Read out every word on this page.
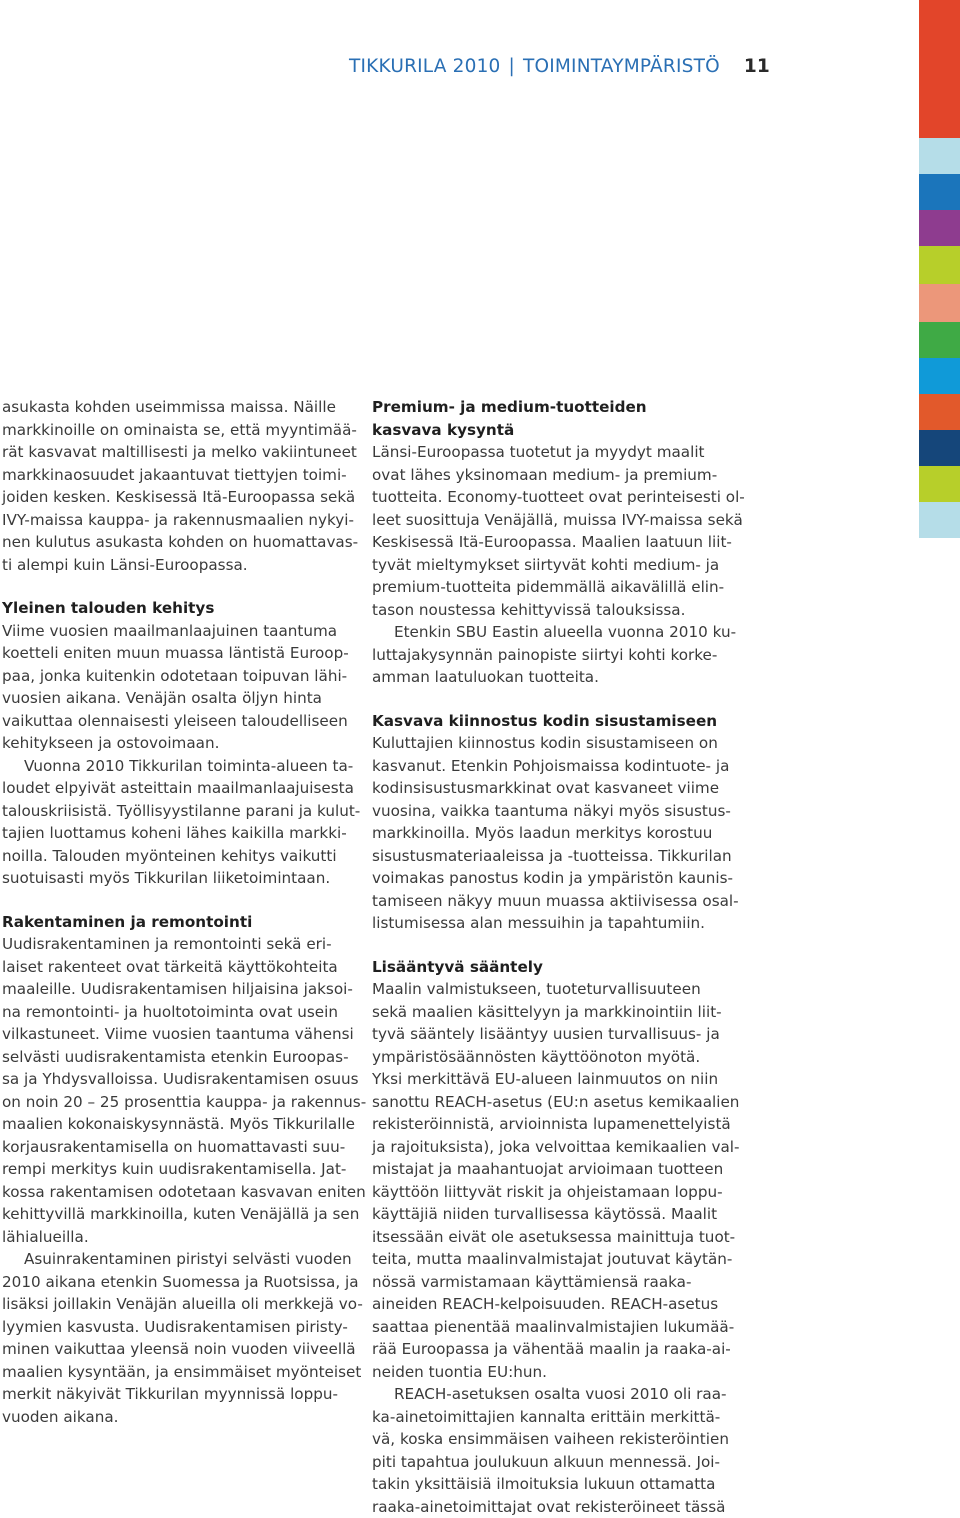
TIKKURILA 2010 | TOIMINTAYMPÄRISTÖ 11
asukasta kohden useimmissa maissa. Näille
markkinoille on ominaista se, että myyntimää-
rät kasvavat maltillisesti ja melko vakiintuneet
markkinaosuudet jakaantuvat tiettyjen toimi-
joiden kesken. Keskisessä Itä-Euroopassa sekä
IVY-maissa kauppa- ja rakennusmaalien nykyi-
nen kulutus asukasta kohden on huomattavas-
ti alempi kuin Länsi-Euroopassa.
Yleinen talouden kehitys
Viime vuosien maailmanlaajuinen taantuma
koetteli eniten muun muassa läntistä Euroop-
paa, jonka kuitenkin odotetaan toipuvan lähi-
vuosien aikana. Venäjän osalta öljyn hinta
vaikuttaa olennaisesti yleiseen taloudelliseen
kehitykseen ja ostovoimaan.
Vuonna 2010 Tikkurilan toiminta-alueen ta-
loudet elpyivät asteittain maailmanlaajuisesta
talouskriisistä. Työllisyystilanne parani ja kulut-
tajien luottamus koheni lähes kaikilla markki-
noilla. Talouden myönteinen kehitys vaikutti
suotuisasti myös Tikkurilan liiketoimintaan.
Rakentaminen ja remontointi
Uudisrakentaminen ja remontointi sekä eri-
laiset rakenteet ovat tärkeitä käyttökohteita
maaleille. Uudisrakentamisen hiljaisina jaksoi-
na remontointi- ja huoltotoiminta ovat usein
vilkastuneet. Viime vuosien taantuma vähensi
selvästi uudisrakentamista etenkin Euroopas-
sa ja Yhdysvalloissa. Uudisrakentamisen osuus
on noin 20 – 25 prosenttia kauppa- ja rakennus-
maalien kokonaiskysynnästä. Myös Tikkurilalle
korjausrakentamisella on huomattavasti suu-
rempi merkitys kuin uudisrakentamisella. Jat-
kossa rakentamisen odotetaan kasvavan eniten
kehittyvillä markkinoilla, kuten Venäjällä ja sen
lähialueilla.
Asuinrakentaminen piristyi selvästi vuoden
2010 aikana etenkin Suomessa ja Ruotsissa, ja
lisäksi joillakin Venäjän alueilla oli merkkejä vo-
lyymien kasvusta. Uudisrakentamisen piristy-
minen vaikuttaa yleensä noin vuoden viiveellä
maalien kysyntään, ja ensimmäiset myönteiset
merkit näkyivät Tikkurilan myynnissä loppu-
vuoden aikana.
Premium- ja medium-tuotteiden
kasvava kysyntä
Länsi-Euroopassa tuotetut ja myydyt maalit
ovat lähes yksinomaan medium- ja premium-
tuotteita. Economy-tuotteet ovat perinteisesti ol-
leet suosittuja Venäjällä, muissa IVY-maissa sekä
Keskisessä Itä-Euroopassa. Maalien laatuun liit-
tyvät mieltymykset siirtyvät kohti medium- ja
premium-tuotteita pidemmällä aikavälillä elin-
tason noustessa kehittyvissä talouksissa.
Etenkin SBU Eastin alueella vuonna 2010 ku-
luttajakysynnän painopiste siirtyi kohti korke-
amman laatuluokan tuotteita.
Kasvava kiinnostus kodin sisustamiseen
Kuluttajien kiinnostus kodin sisustamiseen on
kasvanut. Etenkin Pohjoismaissa kodintuote- ja
kodinsisustusmarkkinat ovat kasvaneet viime
vuosina, vaikka taantuma näkyi myös sisustus-
markkinoilla. Myös laadun merkitys korostuu
sisustusmateriaaleissa ja -tuotteissa. Tikkurilan
voimakas panostus kodin ja ympäristön kaunis-
tamiseen näkyy muun muassa aktiivisessa osal-
listumisessa alan messuihin ja tapahtumiin.
Lisääntyvä sääntely
Maalin valmistukseen, tuoteturvallisuuteen
sekä maalien käsittelyyn ja markkinointiin liit-
tyvä sääntely lisääntyy uusien turvallisuus- ja
ympäristösäännösten käyttöönoton myötä.
Yksi merkittävä EU-alueen lainmuutos on niin
sanottu REACH-asetus (EU:n asetus kemikaalien
rekisteröinnistä, arvioinnista lupamenettelyistä
ja rajoituksista), joka velvoittaa kemikaalien val-
mistajat ja maahantuojat arvioimaan tuotteen
käyttöön liittyvät riskit ja ohjeistamaan loppu-
käyttäjiä niiden turvallisessa käytössä. Maalit
itsessään eivät ole asetuksessa mainittuja tuot-
teita, mutta maalinvalmistajat joutuvat käytän-
nössä varmistamaan käyttämiensä raaka-
aineiden REACH-kelpoisuuden. REACH-asetus
saattaa pienentää maalinvalmistajien lukumää-
rää Euroopassa ja vähentää maalin ja raaka-ai-
neiden tuontia EU:hun.
REACH-asetuksen osalta vuosi 2010 oli raa-
ka-ainetoimittajien kannalta erittäin merkittä-
vä, koska ensimmäisen vaiheen rekisteröintien
piti tapahtua joulukuun alkuun mennessä. Joi-
takin yksittäisiä ilmoituksia lukuun ottamatta
raaka-ainetoimittajat ovat rekisteröineet tässä
